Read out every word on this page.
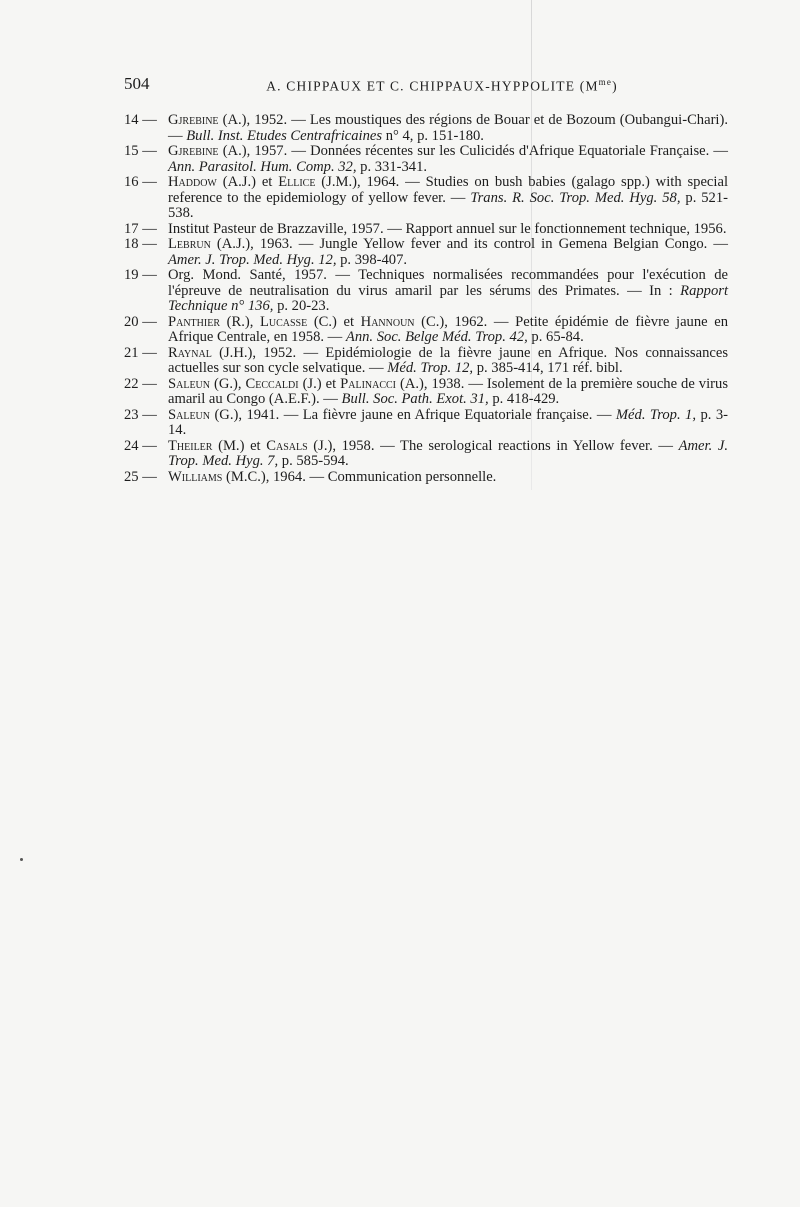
504	A. CHIPPAUX ET C. CHIPPAUX-HYPPOLITE $(M^{me})$
14 — Gjrebine (A.), 1952. — Les moustiques des régions de Bouar et de Bozoum (Oubangui-Chari). — Bull. Inst. Etudes Centrafricaines n° 4, p. 151-180.
15 — Gjrebine (A.), 1957. — Données récentes sur les Culicidés d'Afrique Equatoriale Française. — Ann. Parasitol. Hum. Comp. 32, p. 331-341.
16 — Haddow (A.J.) et Ellice (J.M.), 1964. — Studies on bush babies (galago spp.) with special reference to the epidemiology of yellow fever. — Trans. R. Soc. Trop. Med. Hyg. 58, p. 521-538.
17 — Institut Pasteur de Brazzaville, 1957. — Rapport annuel sur le fonctionnement technique, 1956.
18 — Lebrun (A.J.), 1963. — Jungle Yellow fever and its control in Gemena Belgian Congo. — Amer. J. Trop. Med. Hyg. 12, p. 398-407.
19 — Org. Mond. Santé, 1957. — Techniques normalisées recommandées pour l'exécution de l'épreuve de neutralisation du virus amaril par les sérums des Primates. — In : Rapport Technique n° 136, p. 20-23.
20 — Panthier (R.), Lucasse (C.) et Hannoun (C.), 1962. — Petite épidémie de fièvre jaune en Afrique Centrale, en 1958. — Ann. Soc. Belge Méd. Trop. 42, p. 65-84.
21 — Raynal (J.H.), 1952. — Epidémiologie de la fièvre jaune en Afrique. Nos connaissances actuelles sur son cycle selvatique. — Méd. Trop. 12, p. 385-414, 171 réf. bibl.
22 — Saleun (G.), Ceccaldi (J.) et Palinacci (A.), 1938. — Isolement de la première souche de virus amaril au Congo (A.E.F.). — Bull. Soc. Path. Exot. 31, p. 418-429.
23 — Saleun (G.), 1941. — La fièvre jaune en Afrique Equatoriale française. — Méd. Trop. 1, p. 3-14.
24 — Theiler (M.) et Casals (J.), 1958. — The serological reactions in Yellow fever. — Amer. J. Trop. Med. Hyg. 7, p. 585-594.
25 — Williams (M.C.), 1964. — Communication personnelle.
